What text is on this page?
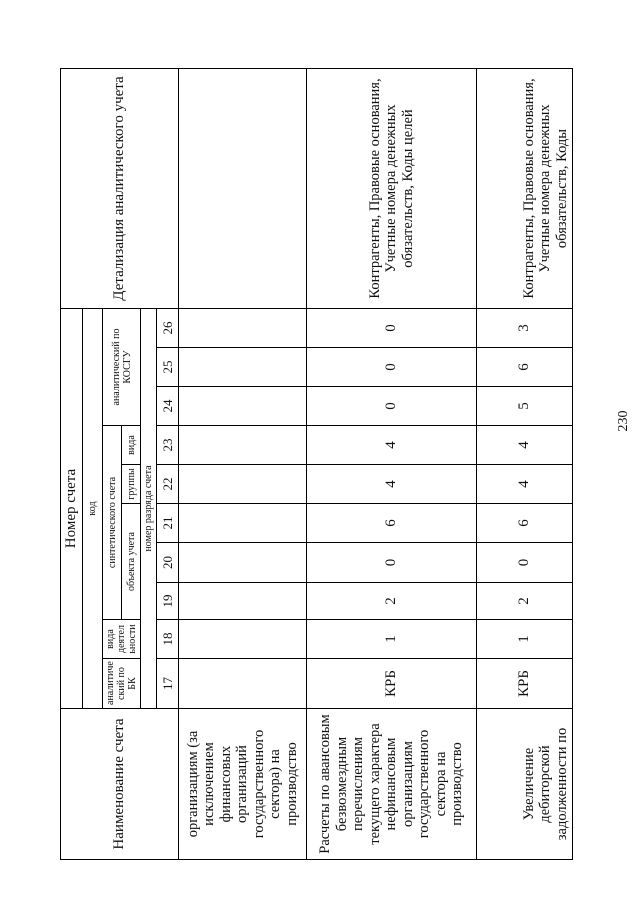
230
Наименование счета	Номер счета										Детализация аналитического учета
	код										
	аналитиче ский по БК	вида деятел ьности	синтетического счета					аналитический по КОСГУ			
			объекта учета			группы	вида				
	номер разряда счета										
	17	18	19	20	21	22	23	24	25	26	
организациям (за исключением финансовых организаций государственного сектора) на производство											
Расчеты по авансовым безвозмездным перечислениям текущего характера нефинансовым организациям государственного сектора на производство	КРБ	1	2	0	6	4	4	0	0	0	Контрагенты, Правовые основания, Учетные номера денежных обязательств, Коды целей
Увеличение дебиторской задолженности по	КРБ	1	2	0	6	4	4	5	6	3	Контрагенты, Правовые основания, Учетные номера денежных обязательств, Коды
